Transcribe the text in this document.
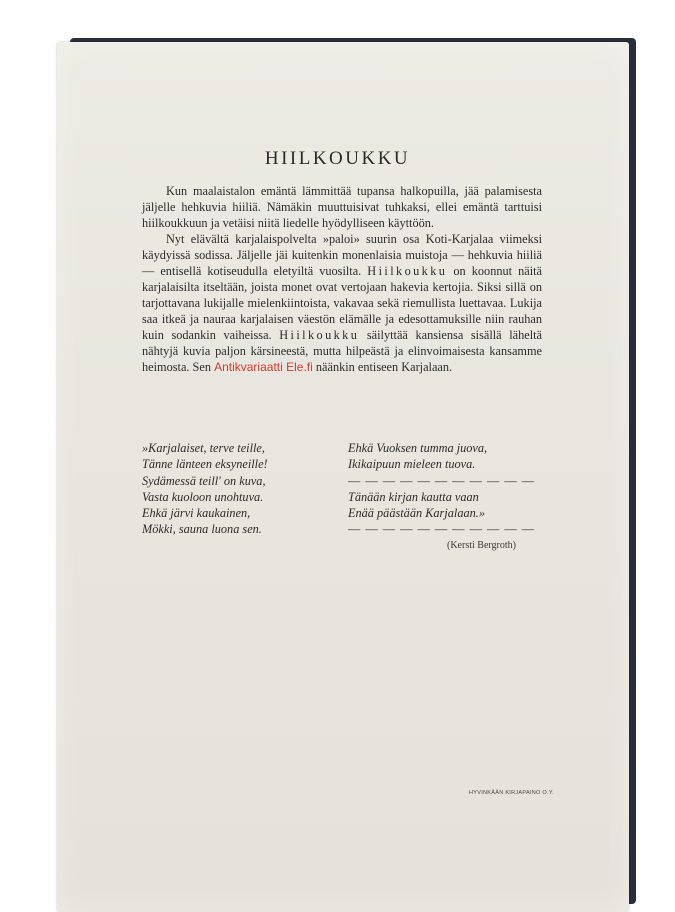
HIILKOUKKU

Kun maalaistalon emäntä lämmittää tupansa halkopuilla, jää palamisesta jäljelle hehkuvia hiiliä. Nämäkin muuttuisivat tuhkaksi, ellei emäntä tarttuisi hiilkoukkuun ja vetäisi niitä liedelle hyödylliseen käyttöön.

Nyt elävältä karjalaispolvelta »paloi» suurin osa Koti-Karjalaa viimeksi käydyissä sodissa. Jäljelle jäi kuitenkin monenlaisia muistoja — hehkuvia hiiliä — entisellä kotiseudulla eletyiltä vuosilta. Hiilkoukku on koonnut näitä karjalaisilta itseltään, joista monet ovat vertojaan hakevia kertojia. Siksi sillä on tarjottavana lukijalle mielenkiintoista, vakavaa sekä riemullista luettavaa. Lukija saa itkeä ja nauraa karjalaisen väestön elämälle ja edesottamuksille niin rauhan kuin sodankin vaiheissa. Hiilkoukku säilyttää kansiensa sisällä läheltä nähtyjä kuvia paljon kärsineestä, mutta hilpeästä ja elinvoimaisesta kansamme heimosta. Sen Antikvariaatti Ele.fi näänkin entiseen Karjalaan.

»Karjalaiset, terve teille,
Tänne länteen eksyneille!
Sydämessä teill' on kuva,
Vasta kuoloon unohtuva.
Ehkä järvi kaukainen,
Mökki, sauna luona sen.
Ehkä Vuoksen tumma juova,
Ikikaipuun mieleen tuova.
— — — — — — — — — — —
Tänään kirjan kautta vaan
Enää päästään Karjalaan.»
— — — — — — — — — — —
(Kersti Bergroth)
HYVINKÄÄN KIRJAPAINO O.Y.
